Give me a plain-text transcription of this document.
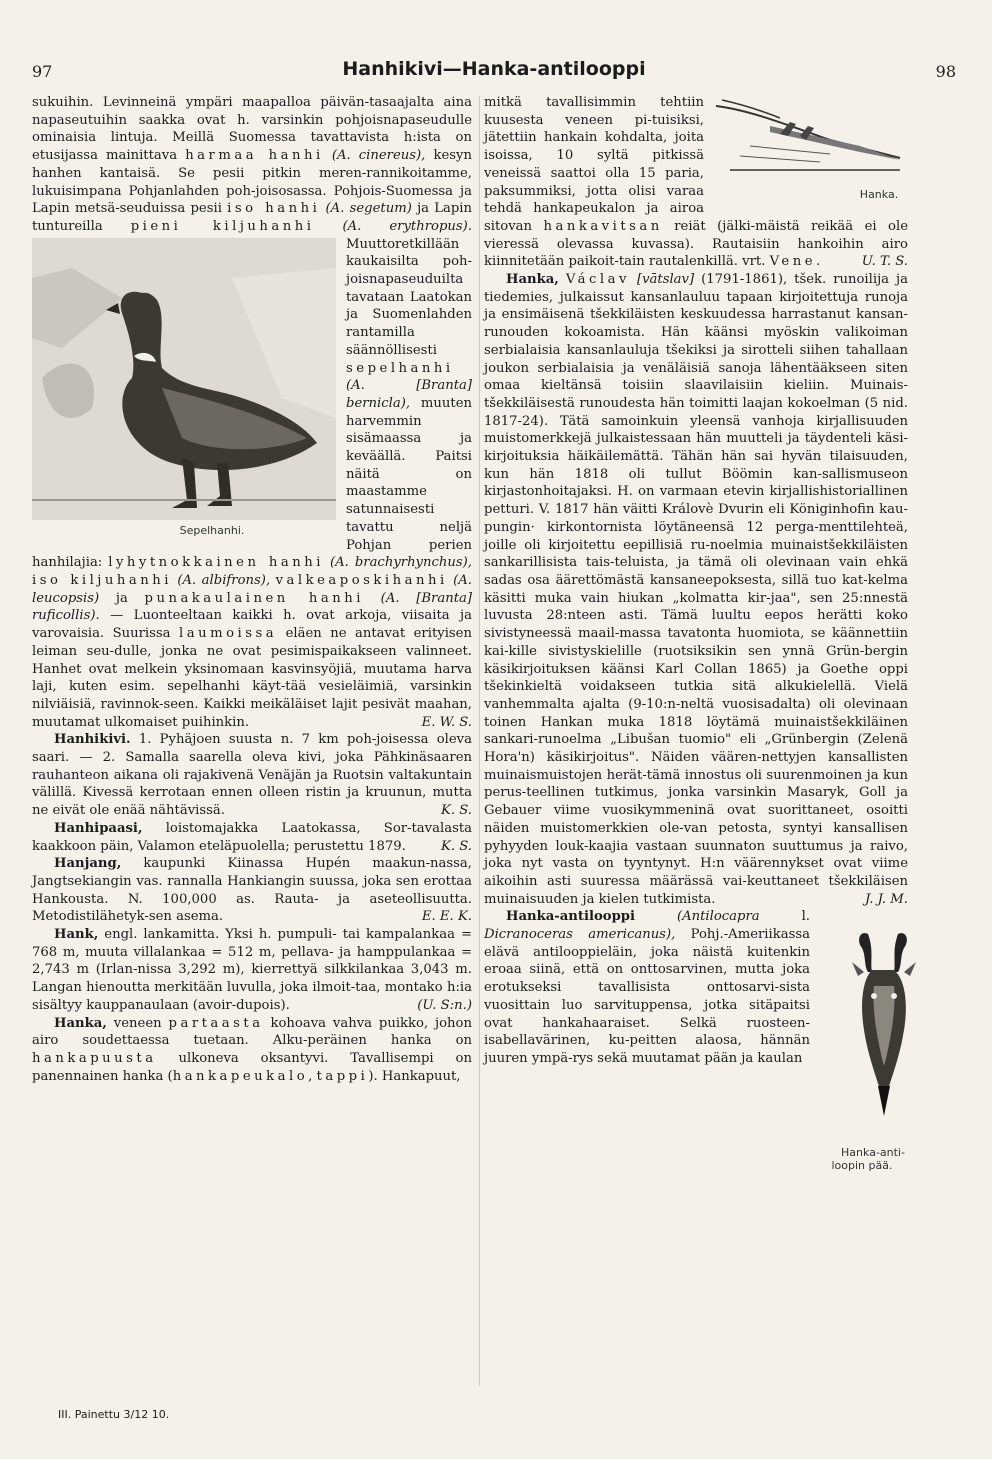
97	Hanhikivi—Hanka-antilooppi	98

sukuihin. Levinneinä ympäri maapalloa päivän-tasaajalta aina napaseutuihin saakka ovat h. varsinkin pohjoisnapaseudulle ominaisia lintuja. Meillä Suomessa tavattavista h:ista on etusijassa mainittava harmaa hanhi (A. cinereus), kesyn hanhen kantaisä. Se pesii pitkin meren-rannikoitamme, lukuisimpana Pohjanlahden poh-joisosassa. Pohjois-Suomessa ja Lapin metsä-seuduissa pesii iso hanhi (A. segetum) ja Lapin tuntureilla pieni kiljuhanhi (A. erythropus).
Sepelhanhi.
Muuttoretkillään kaukaisilta poh-joisnapaseuduilta tavataan Laatokan ja Suomenlahden rantamilla säännöllisesti sepelhanhi (A. [Branta] bernicla), muuten harvemmin sisämaassa ja keväällä. Paitsi näitä on maastamme satunnaisesti tavattu neljä Pohjan perien hanhilajia: lyhytnokkainen hanhi (A. brachyrhynchus), iso kiljuhanhi (A. albifrons), valkeaposkihanhi (A. leucopsis) ja punakaulainen hanhi (A. [Branta] ruficollis). — Luonteeltaan kaikki h. ovat arkoja, viisaita ja varovaisia. Suurissa laumoissa eläen ne antavat erityisen leiman seu-dulle, jonka ne ovat pesimispaikakseen valinneet. Hanhet ovat melkein yksinomaan kasvinsyöjiä, muutama harva laji, kuten esim. sepelhanhi käyt-tää vesieläimiä, varsinkin nilviäisiä, ravinnok-seen. Kaikki meikäläiset lajit pesivät maahan, muutamat ulkomaiset puihinkin.	E. W. S.

Hanhikivi. 1. Pyhäjoen suusta n. 7 km poh-joisessa oleva saari. — 2. Samalla saarella oleva kivi, joka Pähkinäsaaren rauhanteon aikana oli rajakivenä Venäjän ja Ruotsin valtakuntain välillä. Kivessä kerrotaan ennen olleen ristin ja kruunun, mutta ne eivät ole enää nähtävissä.	K. S.

Hanhipaasi, loistomajakka Laatokassa, Sor-tavalasta kaakkoon päin, Valamon eteläpuolella; perustettu 1879.	K. S.

Hanjang, kaupunki Kiinassa Hupén maakun-nassa, Jangtsekiangin vas. rannalla Hankiangin suussa, joka sen erottaa Hankousta. N. 100,000 as. Rauta- ja aseteollisuutta. Metodistilähetyk-sen asema.	E. E. K.

Hank, engl. lankamitta. Yksi h. pumpuli- tai kampalankaa = 768 m, muuta villalankaa = 512 m, pellava- ja hamppulankaa = 2,743 m (Irlan-nissa 3,292 m), kierrettyä silkkilankaa 3,043 m. Langan hienoutta merkitään luvulla, joka ilmoit-taa, montako h:ia sisältyy kauppanaulaan (avoir-dupois).	(U. S:n.)

Hanka, veneen partaasta kohoava vahva puikko, johon airo soudettaessa tuetaan. Alku-peräinen hanka on hankapuusta ulkoneva oksantyvi. Tavallisempi on panennainen hanka (hankapeukalo, tappi). Hankapuut,

Hanka.
mitkä tavallisimmin tehtiin kuusesta veneen pi-tuisiksi, jätettiin hankain kohdalta, joita isoissa, 10 syltä pitkissä veneissä saattoi olla 15 paria, paksummiksi, jotta olisi varaa tehdä hankapeukalon ja airoa sitovan hankavitsan reiät (jälki-mäistä reikää ei ole vieressä olevassa kuvassa). Rautaisiin hankoihin airo kiinnitetään paikoit-tain rautalenkillä. vrt. Vene.	U. T. S.

Hanka, Václav [vātslav] (1791-1861), tšek. runoilija ja tiedemies, julkaissut kansanlauluu tapaan kirjoitettuja runoja ja ensimäisenä tšekkiläisten keskuudessa harrastanut kansan-runouden kokoamista. Hän käänsi myöskin valikoiman serbialaisia kansanlauluja tšekiksi ja sirotteli siihen tahallaan joukon serbialaisia ja venäläisiä sanoja lähentääkseen siten omaa kieltänsä toisiin slaavilaisiin kieliin. Muinais-tšekkiläisestä runoudesta hän toimitti laajan kokoelman (5 nid. 1817-24). Tätä samoinkuin yleensä vanhoja kirjallisuuden muistomerkkejä julkaistessaan hän muutteli ja täydenteli käsi-kirjoituksia häikäilemättä. Tähän hän sai hyvän tilaisuuden, kun hän 1818 oli tullut Böömin kan-sallismuseon kirjastonhoitajaksi. H. on varmaan etevin kirjallishistoriallinen petturi. V. 1817 hän väitti Královè Dvurin eli Königinhofin kau-pungin· kirkontornista löytäneensä 12 perga-menttilehteä, joille oli kirjoitettu eepillisiä ru-noelmia muinaistšekkiläisten sankarillisista tais-teluista, ja tämä oli olevinaan vain ehkä sadas osa äärettömästä kansaneepoksesta, sillä tuo kat-kelma käsitti muka vain hiukan „kolmatta kir-jaa", sen 25:nnestä luvusta 28:nteen asti. Tämä luultu eepos herätti koko sivistyneessä maail-massa tavatonta huomiota, se käännettiin kai-kille sivistyskielille (ruotsiksikin sen ynnä Grün-bergin käsikirjoituksen käänsi Karl Collan 1865) ja Goethe oppi tšekinkieltä voidakseen tutkia sitä alkukielellä. Vielä vanhemmalta ajalta (9-10:n-neltä vuosisadalta) oli olevinaan toinen Hankan muka 1818 löytämä muinaistšekkiläinen sankari-runoelma „Libušan tuomio" eli „Grünbergin (Zelenä Hora'n) käsikirjoitus". Näiden väären-nettyjen kansallisten muinaismuistojen herät-tämä innostus oli suurenmoinen ja kun perus-teellinen tutkimus, jonka varsinkin Masaryk, Goll ja Gebauer viime vuosikymmeninä ovat suorittaneet, osoitti näiden muistomerkkien ole-van petosta, syntyi kansallisen pyhyyden louk-kaajia vastaan suunnaton suuttumus ja raivo, joka nyt vasta on tyyntynyt. H:n väärennykset ovat viime aikoihin asti suuressa määrässä vai-keuttaneet tšekkiläisen muinaisuuden ja kielen tutkimista.	J. J. M.

Hanka-anti-loopin pää.
Hanka-antilooppi	(Antilocapra	l. Dicranoceras americanus), Pohj.-Ameriikassa elävä antilooppieläin, joka näistä kuitenkin eroaa siinä, että on onttosarvinen, mutta joka erotukseksi tavallisista onttosarvi-sista vuosittain luo sarvituppensa, jotka sitäpaitsi ovat hankahaaraiset. Selkä ruosteen-isabellavärinen, ku-peitten alaosa, hännän juuren ympä-rys sekä muutamat pään ja kaulan

III. Painettu 3/12 10.
